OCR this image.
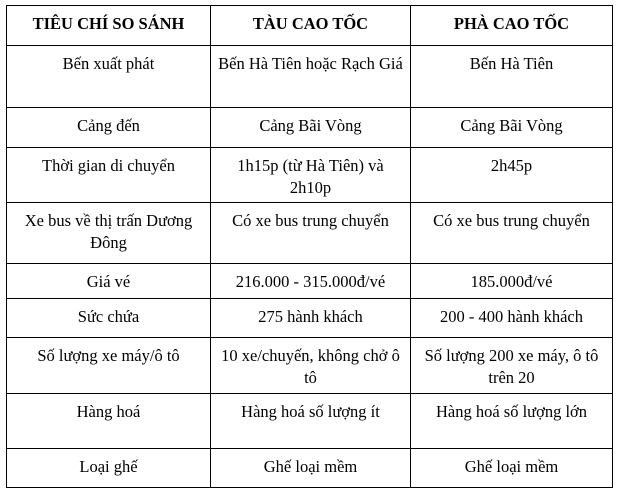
TIÊU CHÍ SO SÁNH	TÀU CAO TỐC	PHÀ CAO TỐC
Bến xuất phát	Bến Hà Tiên hoặc Rạch Giá	Bến Hà Tiên
Cảng đến	Cảng Bãi Vòng	Cảng Bãi Vòng
Thời gian di chuyển	1h15p (từ Hà Tiên) và 2h10p	2h45p
Xe bus về thị trấn Dương Đông	Có xe bus trung chuyển	Có xe bus trung chuyển
Giá vé	216.000 - 315.000đ/vé	185.000đ/vé
Sức chứa	275 hành khách	200 - 400 hành khách
Số lượng xe máy/ô tô	10 xe/chuyến, không chở ô tô	Số lượng 200 xe máy, ô tô trên 20
Hàng hoá	Hàng hoá số lượng ít	Hàng hoá số lượng lớn
Loại ghế	Ghế loại mềm	Ghế loại mềm
